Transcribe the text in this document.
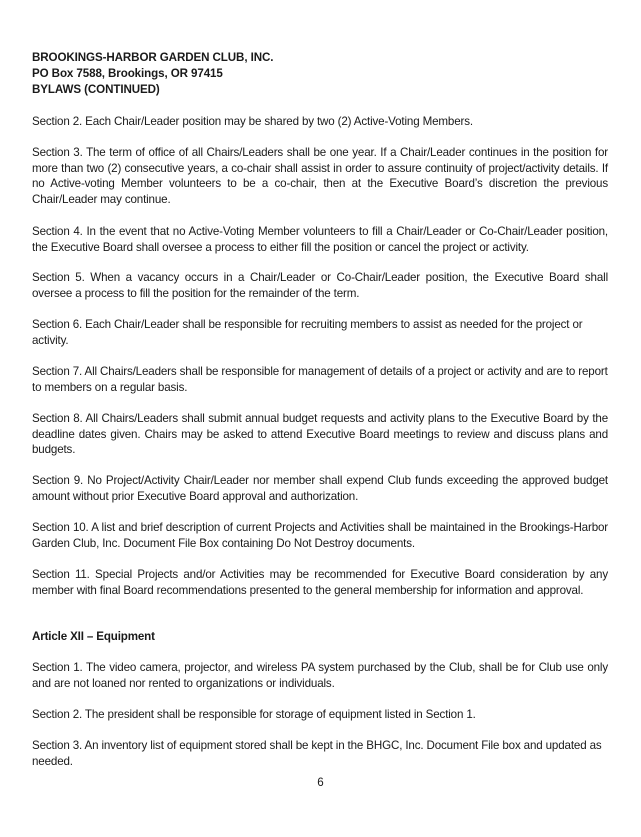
BROOKINGS-HARBOR GARDEN CLUB, INC.
PO Box 7588, Brookings, OR 97415
BYLAWS (CONTINUED)
Section 2. Each Chair/Leader position may be shared by two (2) Active-Voting Members.
Section 3. The term of office of all Chairs/Leaders shall be one year. If a Chair/Leader continues in the position for more than two (2) consecutive years, a co-chair shall assist in order to assure continuity of project/activity details. If no Active-voting Member volunteers to be a co-chair, then at the Executive Board’s discretion the previous Chair/Leader may continue.
Section 4. In the event that no Active-Voting Member volunteers to fill a Chair/Leader or Co-Chair/Leader position, the Executive Board shall oversee a process to either fill the position or cancel the project or activity.
Section 5. When a vacancy occurs in a Chair/Leader or Co-Chair/Leader position, the Executive Board shall oversee a process to fill the position for the remainder of the term.
Section 6. Each Chair/Leader shall be responsible for recruiting members to assist as needed for the project or activity.
Section 7. All Chairs/Leaders shall be responsible for management of details of a project or activity and are to report to members on a regular basis.
Section 8. All Chairs/Leaders shall submit annual budget requests and activity plans to the Executive Board by the deadline dates given. Chairs may be asked to attend Executive Board meetings to review and discuss plans and budgets.
Section 9. No Project/Activity Chair/Leader nor member shall expend Club funds exceeding the approved budget amount without prior Executive Board approval and authorization.
Section 10. A list and brief description of current Projects and Activities shall be maintained in the Brookings-Harbor Garden Club, Inc. Document File Box containing Do Not Destroy documents.
Section 11. Special Projects and/or Activities may be recommended for Executive Board consideration by any member with final Board recommendations presented to the general membership for information and approval.
Article XII – Equipment
Section 1. The video camera, projector, and wireless PA system purchased by the Club, shall be for Club use only and are not loaned nor rented to organizations or individuals.
Section 2. The president shall be responsible for storage of equipment listed in Section 1.
Section 3. An inventory list of equipment stored shall be kept in the BHGC, Inc. Document File box and updated as needed.
6
